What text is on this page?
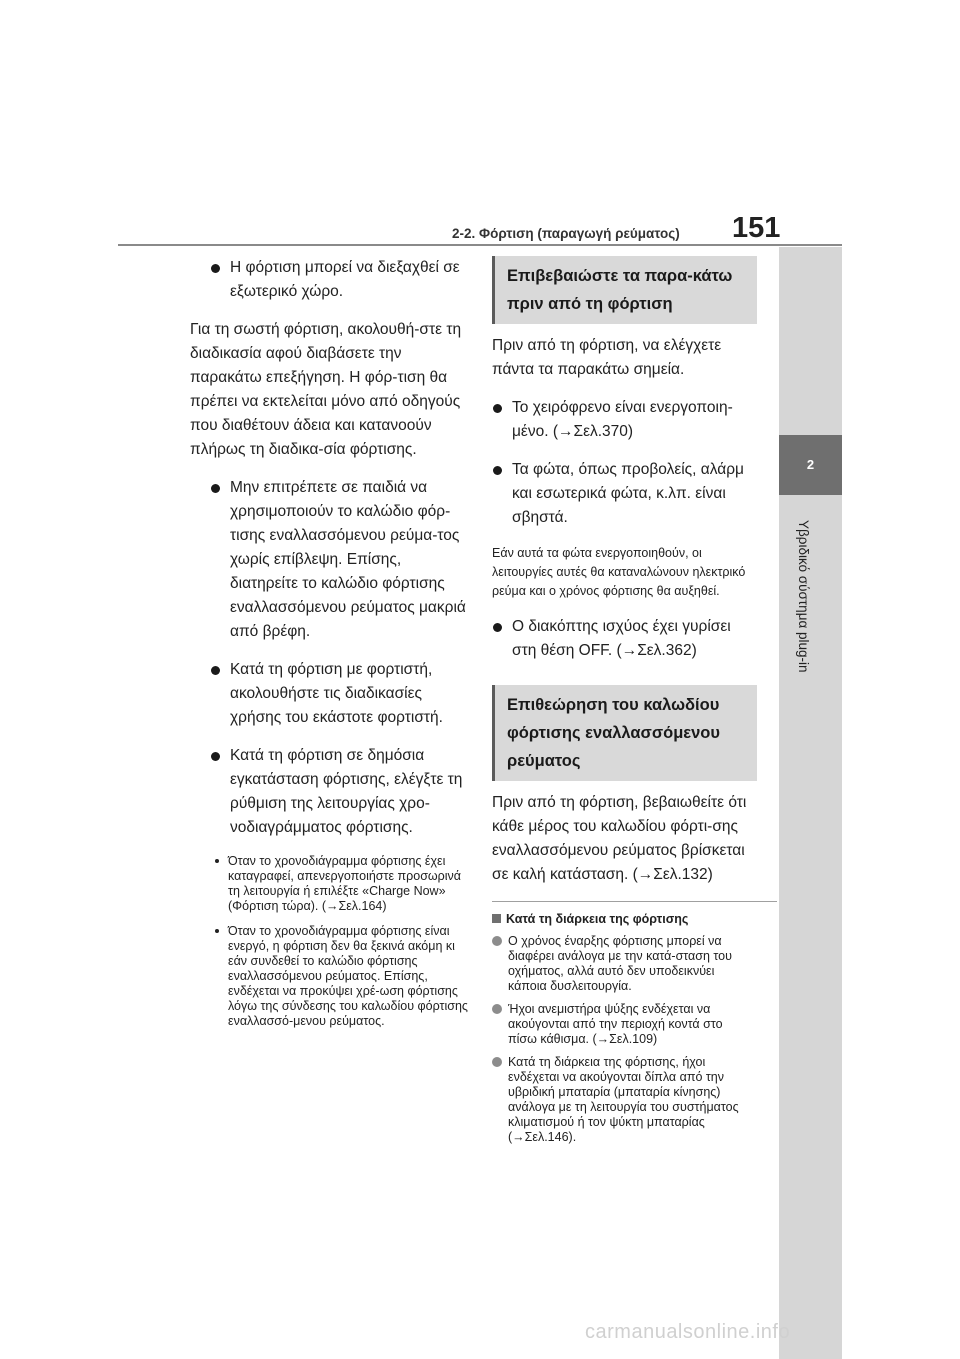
2-2. Φόρτιση (παραγωγή ρεύματος) 151
2
Υβριδικό σύστημα plug-in
Η φόρτιση μπορεί να διεξαχθεί σε εξωτερικό χώρο.
Για τη σωστή φόρτιση, ακολουθή-στε τη διαδικασία αφού διαβάσετε την παρακάτω επεξήγηση. Η φόρ-τιση θα πρέπει να εκτελείται μόνο από οδηγούς που διαθέτουν άδεια και κατανοούν πλήρως τη διαδικα-σία φόρτισης.
Μην επιτρέπετε σε παιδιά να χρησιμοποιούν το καλώδιο φόρ-τισης εναλλασσόμενου ρεύμα-τος χωρίς επίβλεψη. Επίσης, διατηρείτε το καλώδιο φόρτισης εναλλασσόμενου ρεύματος μακριά από βρέφη.
Κατά τη φόρτιση με φορτιστή, ακολουθήστε τις διαδικασίες χρήσης του εκάστοτε φορτιστή.
Κατά τη φόρτιση σε δημόσια εγκατάσταση φόρτισης, ελέγξτε τη ρύθμιση της λειτουργίας χρο-νοδιαγράμματος φόρτισης.
Όταν το χρονοδιάγραμμα φόρτισης έχει καταγραφεί, απενεργοποιήστε προσωρινά τη λειτουργία ή επιλέξτε «Charge Now» (Φόρτιση τώρα). (→Σελ.164)
Όταν το χρονοδιάγραμμα φόρτισης είναι ενεργό, η φόρτιση δεν θα ξεκινά ακόμη κι εάν συνδεθεί το καλώδιο φόρτισης εναλλασσόμενου ρεύματος. Επίσης, ενδέχεται να προκύψει χρέ-ωση φόρτισης λόγω της σύνδεσης του καλωδίου φόρτισης εναλλασσό-μενου ρεύματος.
Επιβεβαιώστε τα παρα-κάτω πριν από τη φόρτιση
Πριν από τη φόρτιση, να ελέγχετε πάντα τα παρακάτω σημεία.
Το χειρόφρενο είναι ενεργοποιη-μένο. (→Σελ.370)
Τα φώτα, όπως προβολείς, αλάρμ και εσωτερικά φώτα, κ.λπ. είναι σβηστά.
Εάν αυτά τα φώτα ενεργοποιηθούν, οι λειτουργίες αυτές θα καταναλώνουν ηλεκτρικό ρεύμα και ο χρόνος φόρτισης θα αυξηθεί.
Ο διακόπτης ισχύος έχει γυρίσει στη θέση OFF. (→Σελ.362)
Επιθεώρηση του καλωδίου φόρτισης εναλλασσόμενου ρεύματος
Πριν από τη φόρτιση, βεβαιωθείτε ότι κάθε μέρος του καλωδίου φόρτι-σης εναλλασσόμενου ρεύματος βρίσκεται σε καλή κατάσταση. (→Σελ.132)
Κατά τη διάρκεια της φόρτισης
Ο χρόνος έναρξης φόρτισης μπορεί να διαφέρει ανάλογα με την κατά-σταση του οχήματος, αλλά αυτό δεν υποδεικνύει κάποια δυσλειτουργία.
Ήχοι ανεμιστήρα ψύξης ενδέχεται να ακούγονται από την περιοχή κοντά στο πίσω κάθισμα. (→Σελ.109)
Κατά τη διάρκεια της φόρτισης, ήχοι ενδέχεται να ακούγονται δίπλα από την υβριδική μπαταρία (μπαταρία κίνησης) ανάλογα με τη λειτουργία του συστήματος κλιματισμού ή τον ψύκτη μπαταρίας (→Σελ.146).
carmanualsonline.info
